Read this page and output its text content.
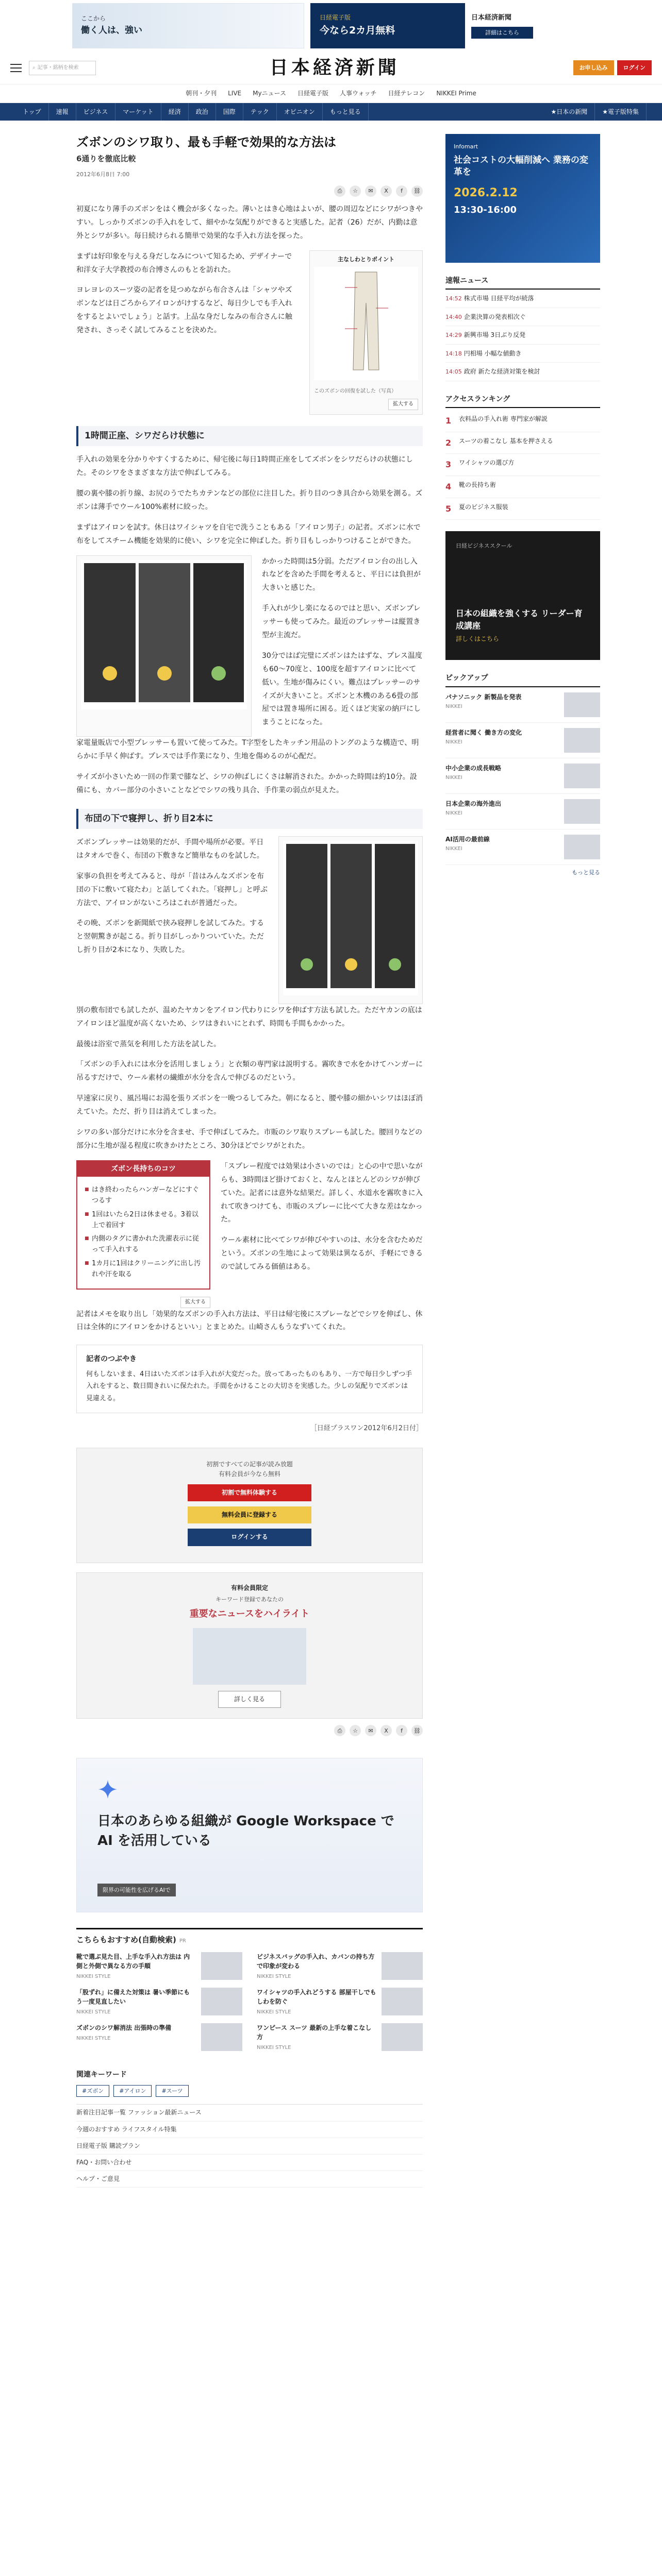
ここから
働く人は、強い
日経電子版
今なら2カ月無料
日本経済新聞
詳細はこちら
⌕ 記事・銘柄を検索	日本経済新聞	お申し込み	ログイン
朝刊・夕刊 LIVE Myニュース 日経電子版 人事ウォッチ 日経テレコン NIKKEI Prime
トップ	速報	ビジネス	マーケット	経済	政治	国際	テック	オピニオン	もっと見る	★日本の新聞	★電子版特集
ズボンのシワ取り、最も手軽で効果的な方法は
6通りを徹底比較
2012年6月8日 7:00
⎙	☆	✉	X	f	⛓

初夏になり薄手のズボンをはく機会が多くなった。薄いとはき心地はよいが、腰の周辺などにシワがつきやすい。しっかりズボンの手入れをして、細やかな気配りができると実感した。記者（26）だが、内勤は意外とシワが多い。毎日続けられる簡単で効果的な手入れ方法を探った。

まずは好印象を与える身だしなみについて知るため、デザイナーで和洋女子大学教授の布合博さんのもとを訪れた。

ヨレヨレのスーツ姿の記者を見つめながら布合さんは「シャツやズボンなどは日ごろからアイロンがけするなど、毎日少しでも手入れをするとよいでしょう」と話す。上品な身だしなみの布合さんに触発され、さっそく試してみることを決めた。

主なしわとりポイント
このズボンの回復を試した（写真）
拡大する
1時間正座、シワだらけ状態に

手入れの効果を分かりやすくするために、帰宅後に毎日1時間正座をしてズボンをシワだらけの状態にした。そのシワをさまざまな方法で伸ばしてみる。

腰の裏や膝の折り線、お尻のうでたちカテンなどの部位に注目した。折り目のつき具合から効果を測る。ズボンは薄手でウール100%素材に絞った。

まずはアイロンを試す。休日はワイシャツを自宅で洗うこともある「アイロン男子」の記者。ズボンに水で布をしてスチーム機能を効果的に使い、シワを完全に伸ばした。折り目もしっかりつけることができた。

かかった時間は5分弱。ただアイロン台の出し入れなどを含めた手間を考えると、平日には負担が大きいと感じた。

手入れが少し楽になるのではと思い、ズボンプレッサーも使ってみた。最近のプレッサーは縦置き型が主流だ。

30分ではば完璧にズボンはたはずな、プレス温度も60〜70度と、100度を超すアイロンに比べて低い。生地が傷みにくい。難点はプレッサーのサイズが大きいこと。ズボンと木機のある6畳の部屋では置き場所に困る。近くほど実家の納戸にしまうことになった。

家電量販店で小型プレッサーも置いて使ってみた。T字型をしたキッチン用品のトングのような構造で、明らかに手早く伸ばす。プレスでは手作業になり、生地を傷めるのが心配だ。

サイズが小さいため一回の作業で膝など、シワの伸ばしにくさは解消された。かかった時間は約10分。設備にも、カバー部分の小さいことなどでシワの残り具合、手作業の弱点が見えた。

布団の下で寝押し、折り目2本に

ズボンプレッサーは効果的だが、手間や場所が必要。平日はタオルで巻く、布団の下敷きなど簡単なものを試した。

家事の負担を考えてみると、母が「昔はみんなズボンを布団の下に敷いて寝たわ」と話してくれた。「寝押し」と呼ぶ方法で、アイロンがないころはこれが普通だった。

その晩、ズボンを新聞紙で挟み寝押しを試してみた。すると翌朝驚きが起こる。折り目がしっかりついていた。ただし折り目が2本になり、失敗した。

別の敷布団でも試したが、温めたヤカンをアイロン代わりにシワを伸ばす方法も試した。ただヤカンの底はアイロンほど温度が高くないため、シワはきれいにとれず、時間も手間もかかった。

最後は浴室で蒸気を利用した方法を試した。

「ズボンの手入れには水分を活用しましょう」と衣類の専門家は説明する。霧吹きで水をかけてハンガーに吊るすだけで、ウール素材の繊維が水分を含んで伸びるのだという。

早速家に戻り、風呂場にお湯を張りズボンを一晩つるしてみた。朝になると、腰や膝の細かいシワはほぼ消えていた。ただ、折り目は消えてしまった。

シワの多い部分だけに水分を含ませ、手で伸ばしてみた。市販のシワ取りスプレーも試した。腰回りなどの部分に生地が湿る程度に吹きかけたところ、30分ほどでシワがとれた。

ズボン長持ちのコツ
■ はき終わったらハンガーなどにすぐつるす
■ 1回はいたら2日は休ませる。3着以上で着回す
■ 内側のタグに書かれた洗濯表示に従って手入れする
■ 1カ月に1回はクリーニングに出し汚れや汗を取る
拡大する

「スプレー程度では効果は小さいのでは」と心の中で思いながらも、3時間ほど掛けておくと、なんとほとんどのシワが伸びていた。記者には意外な結果だ。詳しく、水道水を霧吹きに入れて吹きつけても、市販のスプレーに比べて大きな差はなかった。

ウール素材に比べてシワが伸びやすいのは、水分を含むためだという。ズボンの生地によって効果は異なるが、手軽にできるので試してみる価値はある。

記者はメモを取り出し「効果的なズボンの手入れ方法は、平日は帰宅後にスプレーなどでシワを伸ばし、休日は全体的にアイロンをかけるといい」とまとめた。山崎さんもうなずいてくれた。

記者のつぶやき

何もしないまま、4日はいたズボンは手入れが大変だった。放ってあったものもあり、一方で毎日少しずつ手入れをすると、数日間きれいに保たれた。手間をかけることの大切さを実感した。少しの気配りでズボンは見違える。

［日経プラスワン2012年6月2日付］
初割ですべての記事が読み放題
有料会員が今なら無料
初割で無料体験する
無料会員に登録する
ログインする
有料会員限定
キーワード登録であなたの
重要なニュースをハイライト
詳しく見る
⎙	☆	✉	X	f	⛓
日本のあらゆる組織が Google Workspace で AI を活用している
限界の可能性を広げるAIで
こちらもおすすめ(自動検索) PR
靴で選ぶ見た目、上手な手入れ方法は 内側と外側で異なる方の手順
NIKKEI STYLE
ビジネスバッグの手入れ、カバンの持ち方で印象が変わる
NIKKEI STYLE
「股ずれ」に備えた対策は 暑い季節にもう一度見直したい
NIKKEI STYLE
ワイシャツの手入れどうする 部屋干しでもしわを防ぐ
NIKKEI STYLE
ズボンのシワ解消法 出張時の準備
NIKKEI STYLE
ワンピース スーツ 最新の上手な着こなし方
NIKKEI STYLE
関連キーワード
#ズボン	#アイロン	#スーツ
新着注目記事一覧 ファッション最新ニュース
今週のおすすめ ライフスタイル特集
日経電子版 購読プラン
FAQ・お問い合わせ
ヘルプ・ご意見
Infomart
社会コストの大幅削減へ 業務の変革を
2026.2.12
13:30-16:00
速報ニュース
14:52 株式市場 日経平均が続落
14:40 企業決算の発表相次ぐ
14:29 新興市場 3日ぶり反発
14:18 円相場 小幅な値動き
14:05 政府 新たな経済対策を検討
アクセスランキング
1	衣料品の手入れ術 専門家が解説
2	スーツの着こなし 基本を押さえる
3	ワイシャツの選び方
4	靴の長持ち術
5	夏のビジネス服装
日経ビジネススクール
日本の組織を強くする リーダー育成講座
詳しくはこちら
ピックアップ
パナソニック 新製品を発表
NIKKEI
経営者に聞く 働き方の変化
NIKKEI
中小企業の成長戦略
NIKKEI
日本企業の海外進出
NIKKEI
AI活用の最前線
NIKKEI
もっと見る
